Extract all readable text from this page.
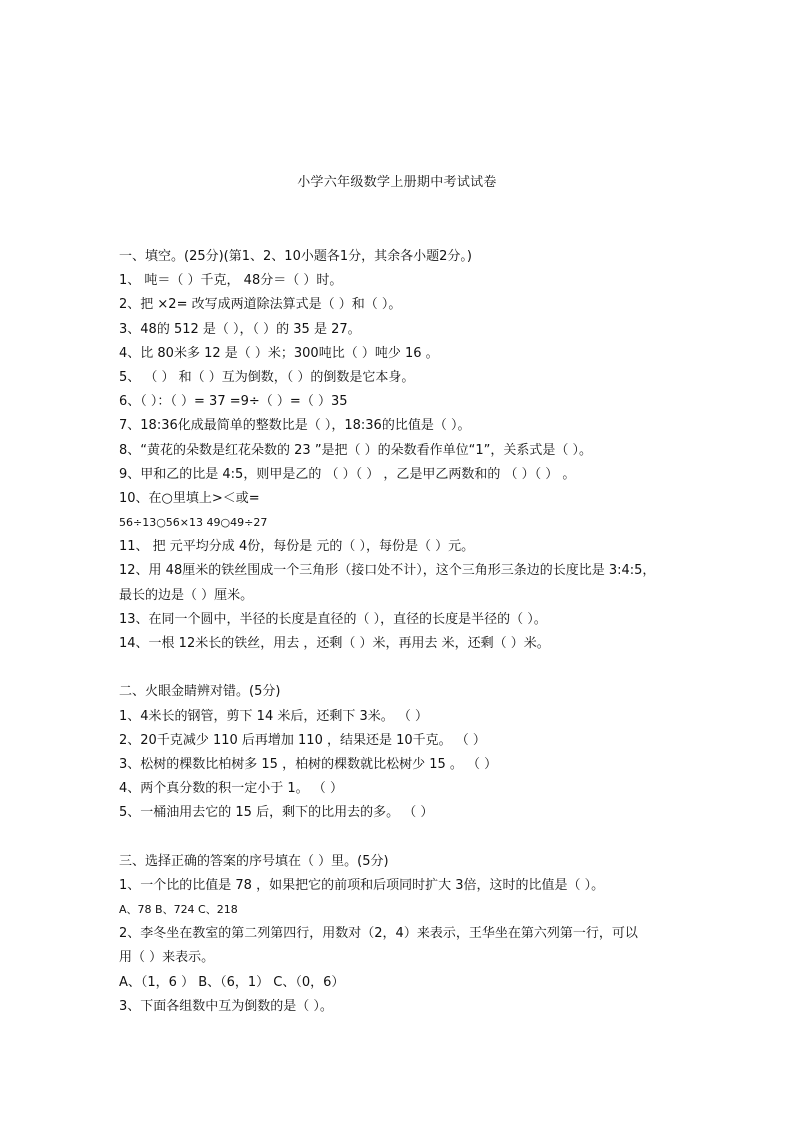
小学六年级数学上册期中考试试卷
一、填空。(25分)(第1、2、10小题各1分，其余各小题2分。)
1、 吨＝（ ）千克， 48分＝（ ）时。
2、把 ×2= 改写成两道除法算式是（ ）和（ ）。
3、48的 512 是（ ），（ ）的 35 是 27。
4、比 80米多 12 是（ ）米；300吨比（ ）吨少 16 。
5、 （ ） 和（ ）互为倒数，（ ）的倒数是它本身。
6、（ ）：（ ）= 37 =9÷（ ）=（ ）35
7、18:36化成最简单的整数比是（ ），18:36的比值是（ ）。
8、“黄花的朵数是红花朵数的 23 ”是把（ ）的朵数看作单位“1”，关系式是（ ）。
9、甲和乙的比是 4:5，则甲是乙的 （ ）（ ） ，乙是甲乙两数和的 （ ）（ ） 。
10、在○里填上>＜或=
56÷13○56×13 49○49÷27
11、 把 元平均分成 4份，每份是 元的（ ），每份是（ ）元。
12、用 48厘米的铁丝围成一个三角形（接口处不计），这个三角形三条边的长度比是 3:4:5，
最长的边是（ ）厘米。
13、在同一个圆中，半径的长度是直径的（ ），直径的长度是半径的（ ）。
14、一根 12米长的铁丝，用去 ，还剩（ ）米，再用去 米，还剩（ ）米。
二、火眼金睛辨对错。(5分)
1、4米长的钢管，剪下 14 米后，还剩下 3米。 （ ）
2、20千克减少 110 后再增加 110 ，结果还是 10千克。 （ ）
3、松树的棵数比柏树多 15 ，柏树的棵数就比松树少 15 。 （ ）
4、两个真分数的积一定小于 1。 （ ）
5、一桶油用去它的 15 后，剩下的比用去的多。 （ ）
三、选择正确的答案的序号填在（ ）里。(5分)
1、一个比的比值是 78 ，如果把它的前项和后项同时扩大 3倍，这时的比值是（ ）。
A、78 B、724 C、218
2、李冬坐在教室的第二列第四行，用数对（2，4）来表示，王华坐在第六列第一行，可以
用（ ）来表示。
A、（1，6 ） B、（6，1） C、（0，6）
3、下面各组数中互为倒数的是（ ）。
